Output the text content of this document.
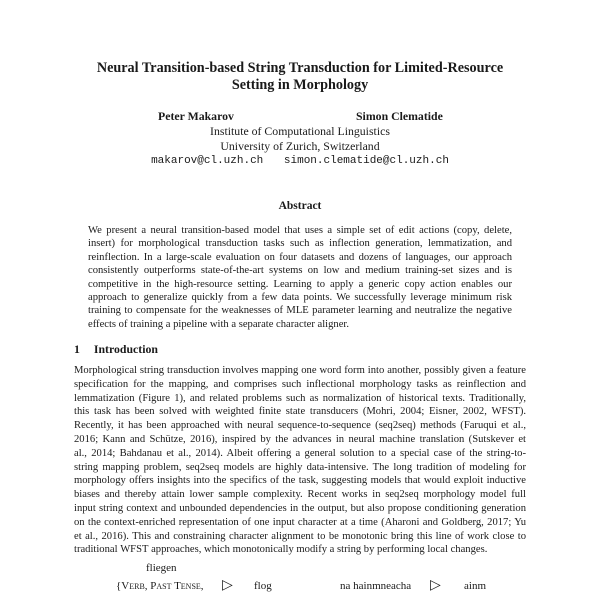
Neural Transition-based String Transduction for Limited-Resource
Setting in Morphology
Peter Makarov	Simon Clematide
Institute of Computational Linguistics
University of Zurich, Switzerland
makarov@cl.uzh.ch simon.clematide@cl.uzh.ch
Abstract
We present a neural transition-based model that uses a simple set of edit actions (copy, delete,
insert) for morphological transduction tasks such as inflection generation, lemmatization, and
reinflection. In a large-scale evaluation on four datasets and dozens of languages, our approach
consistently outperforms state-of-the-art systems on low and medium training-set sizes and is
competitive in the high-resource setting. Learning to apply a generic copy action enables our
approach to generalize quickly from a few data points. We successfully leverage minimum risk
training to compensate for the weaknesses of MLE parameter learning and neutralize the negative
effects of training a pipeline with a separate character aligner.
1 Introduction
Morphological string transduction involves mapping one word form into another, possibly given a feature
specification for the mapping, and comprises such inflectional morphology tasks as reinflection and
lemmatization (Figure 1), and related problems such as normalization of historical texts. Traditionally,
this task has been solved with weighted finite state transducers (Mohri, 2004; Eisner, 2002, WFST).
Recently, it has been approached with neural sequence-to-sequence (seq2seq) methods (Faruqui et al.,
2016; Kann and Schütze, 2016), inspired by the advances in neural machine translation (Sutskever et
al., 2014; Bahdanau et al., 2014). Albeit offering a general solution to a special case of the string-to-
string mapping problem, seq2seq models are highly data-intensive. The long tradition of modeling for
morphology offers insights into the specifics of the task, suggesting models that would exploit inductive
biases and thereby attain lower sample complexity. Recent works in seq2seq morphology model full
input string context and unbounded dependencies in the output, but also propose conditioning generation
on the context-enriched representation of one input character at a time (Aharoni and Goldberg, 2017; Yu
et al., 2016). This and constraining character alignment to be monotonic bring this line of work close to
traditional WFST approaches, which monotonically modify a string by performing local changes.
fliegen
{Verb, Past Tense, ▷ flog	na hainmneacha ▷ ainm
